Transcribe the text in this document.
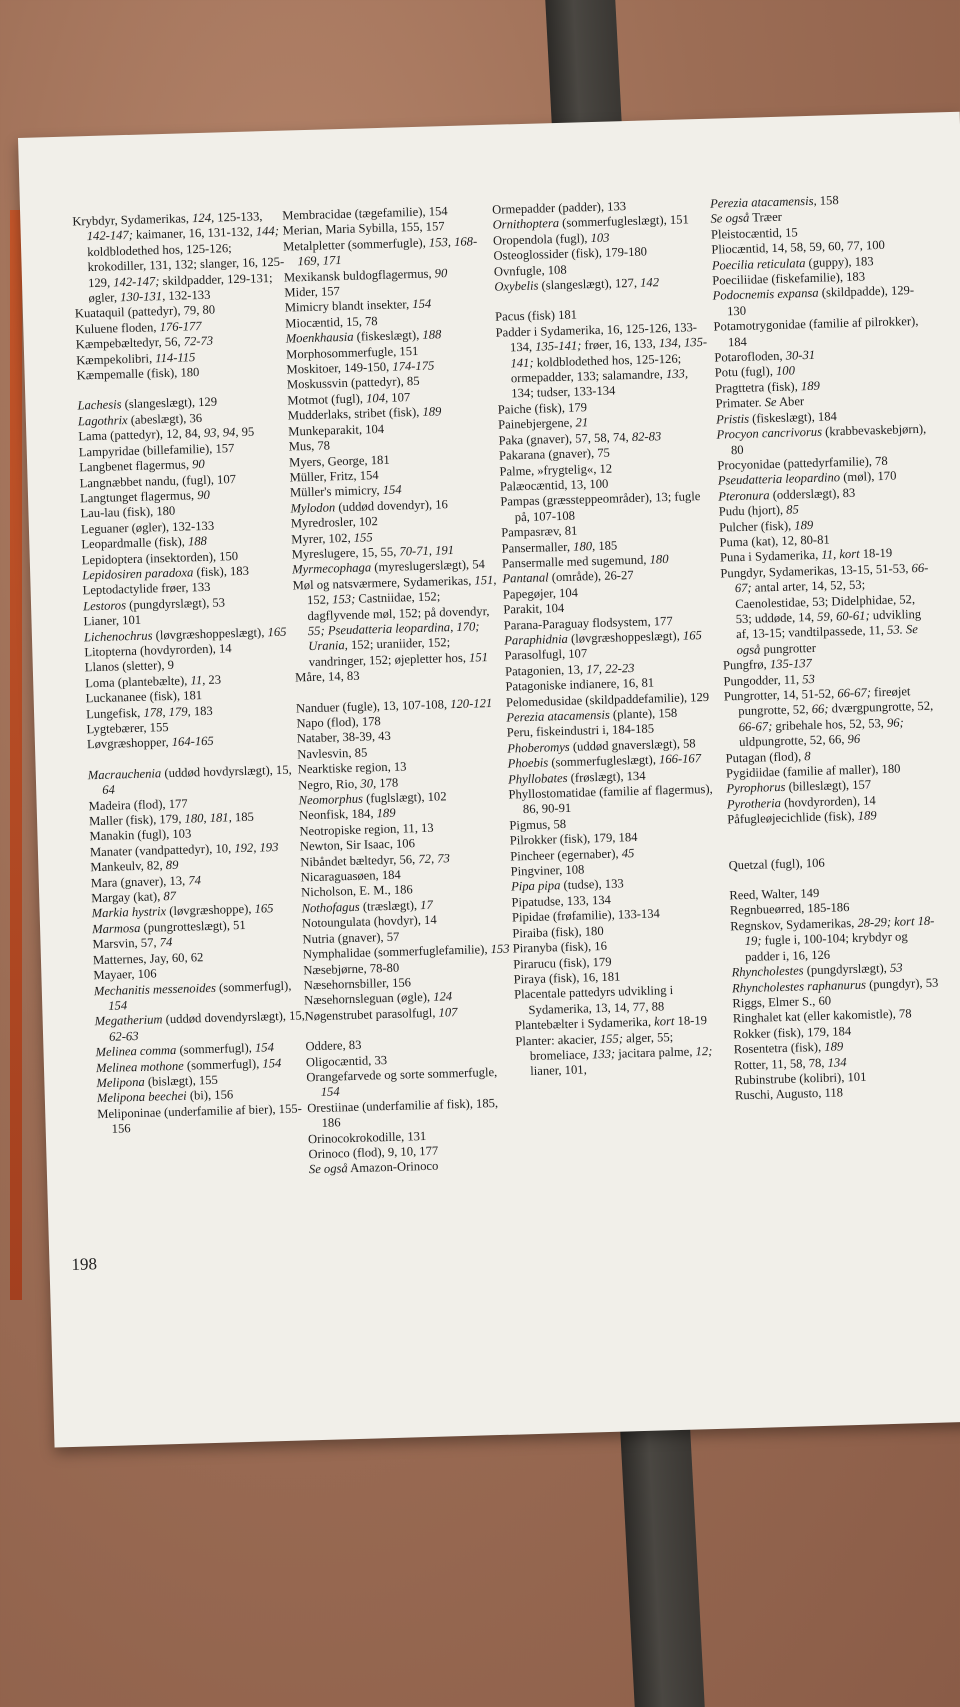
Krybdyr, Sydamerikas, 124, 125-133, 142-147; kaimaner, 16, 131-132, 144; koldblodethed hos, 125-126; krokodiller, 131, 132; slanger, 16, 125-129, 142-147; skildpadder, 129-131; øgler, 130-131, 132-133

Kuataquil (pattedyr), 79, 80

Kuluene floden, 176-177

Kæmpebæltedyr, 56, 72-73

Kæmpekolibri, 114-115

Kæmpemalle (fisk), 180

Lachesis (slangeslægt), 129

Lagothrix (abeslægt), 36

Lama (pattedyr), 12, 84, 93, 94, 95

Lampyridae (billefamilie), 157

Langbenet flagermus, 90

Langnæbbet nandu, (fugl), 107

Langtunget flagermus, 90

Lau-lau (fisk), 180

Leguaner (øgler), 132-133

Leopardmalle (fisk), 188

Lepidoptera (insektorden), 150

Lepidosiren paradoxa (fisk), 183

Leptodactylide frøer, 133

Lestoros (pungdyrslægt), 53

Lianer, 101

Lichenochrus (løvgræshoppeslægt), 165

Litopterna (hovdyrorden), 14

Llanos (sletter), 9

Loma (plantebælte), 11, 23

Luckananee (fisk), 181

Lungefisk, 178, 179, 183

Lygtebærer, 155

Løvgræshopper, 164-165

Macrauchenia (uddød hovdyrslægt), 15, 64

Madeira (flod), 177

Maller (fisk), 179, 180, 181, 185

Manakin (fugl), 103

Manater (vandpattedyr), 10, 192, 193

Mankeulv, 82, 89

Mara (gnaver), 13, 74

Margay (kat), 87

Markia hystrix (løvgræshoppe), 165

Marmosa (pungrotteslægt), 51

Marsvin, 57, 74

Matternes, Jay, 60, 62

Mayaer, 106

Mechanitis messenoides (sommerfugl), 154

Megatherium (uddød dovendyrslægt), 15, 62-63

Melinea comma (sommerfugl), 154

Melinea mothone (sommerfugl), 154

Melipona (bislægt), 155

Melipona beechei (bi), 156

Meliponinae (underfamilie af bier), 155-156

Membracidae (tægefamilie), 154

Merian, Maria Sybilla, 155, 157

Metalpletter (sommerfugle), 153, 168-169, 171

Mexikansk buldogflagermus, 90

Mider, 157

Mimicry blandt insekter, 154

Miocæntid, 15, 78

Moenkhausia (fiskeslægt), 188

Morphosommerfugle, 151

Moskitoer, 149-150, 174-175

Moskussvin (pattedyr), 85

Motmot (fugl), 104, 107

Mudderlaks, stribet (fisk), 189

Munkeparakit, 104

Mus, 78

Myers, George, 181

Müller, Fritz, 154

Müller's mimicry, 154

Mylodon (uddød dovendyr), 16

Myredrosler, 102

Myrer, 102, 155

Myreslugere, 15, 55, 70-71, 191

Myrmecophaga (myreslugerslægt), 54

Møl og natsværmere, Sydamerikas, 151, 152, 153; Castniidae, 152; dagflyvende møl, 152; på dovendyr, 55; Pseudatteria leopardina, 170; Urania, 152; uraniider, 152; vandringer, 152; øjepletter hos, 151

Måre, 14, 83

Nanduer (fugle), 13, 107-108, 120-121

Napo (flod), 178

Nataber, 38-39, 43

Navlesvin, 85

Nearktiske region, 13

Negro, Rio, 30, 178

Neomorphus (fuglslægt), 102

Neonfisk, 184, 189

Neotropiske region, 11, 13

Newton, Sir Isaac, 106

Nibåndet bæltedyr, 56, 72, 73

Nicaraguasøen, 184

Nicholson, E. M., 186

Nothofagus (træslægt), 17

Notoungulata (hovdyr), 14

Nutria (gnaver), 57

Nymphalidae (sommerfuglefamilie), 153

Næsebjørne, 78-80

Næsehornsbiller, 156

Næsehornsleguan (øgle), 124

Nøgenstrubet parasolfugl, 107

Oddere, 83

Oligocæntid, 33

Orangefarvede og sorte sommerfugle, 154

Orestiinae (underfamilie af fisk), 185, 186

Orinocokrokodille, 131

Orinoco (flod), 9, 10, 177

Se også Amazon-Orinoco

Ormepadder (padder), 133

Ornithoptera (sommerfugleslægt), 151

Oropendola (fugl), 103

Osteoglossider (fisk), 179-180

Ovnfugle, 108

Oxybelis (slangeslægt), 127, 142

Pacus (fisk) 181

Padder i Sydamerika, 16, 125-126, 133-134, 135-141; frøer, 16, 133, 134, 135-141; koldblodethed hos, 125-126; ormepadder, 133; salamandre, 133, 134; tudser, 133-134

Paiche (fisk), 179

Painebjergene, 21

Paka (gnaver), 57, 58, 74, 82-83

Pakarana (gnaver), 75

Palme, »frygtelig«, 12

Palæocæntid, 13, 100

Pampas (græssteppeområder), 13; fugle på, 107-108

Pampasræv, 81

Pansermaller, 180, 185

Pansermalle med sugemund, 180

Pantanal (område), 26-27

Papegøjer, 104

Parakit, 104

Parana-Paraguay flodsystem, 177

Paraphidnia (løvgræshoppeslægt), 165

Parasolfugl, 107

Patagonien, 13, 17, 22-23

Patagoniske indianere, 16, 81

Pelomedusidae (skildpaddefamilie), 129

Perezia atacamensis (plante), 158

Peru, fiskeindustri i, 184-185

Phoberomys (uddød gnaverslægt), 58

Phoebis (sommerfugleslægt), 166-167

Phyllobates (frøslægt), 134

Phyllostomatidae (familie af flagermus), 86, 90-91

Pigmus, 58

Pilrokker (fisk), 179, 184

Pincheer (egernaber), 45

Pingviner, 108

Pipa pipa (tudse), 133

Pipatudse, 133, 134

Pipidae (frøfamilie), 133-134

Piraiba (fisk), 180

Piranyba (fisk), 16

Pirarucu (fisk), 179

Piraya (fisk), 16, 181

Placentale pattedyrs udvikling i Sydamerika, 13, 14, 77, 88

Plantebælter i Sydamerika, kort 18-19

Planter: akacier, 155; alger, 55; bromeliace, 133; jacitara palme, 12; lianer, 101,

Perezia atacamensis, 158

Se også Træer

Pleistocæntid, 15

Pliocæntid, 14, 58, 59, 60, 77, 100

Poecilia reticulata (guppy), 183

Poeciliidae (fiskefamilie), 183

Podocnemis expansa (skildpadde), 129-130

Potamotrygonidae (familie af pilrokker), 184

Potarofloden, 30-31

Potu (fugl), 100

Pragttetra (fisk), 189

Primater. Se Aber

Pristis (fiskeslægt), 184

Procyon cancrivorus (krabbevaskebjørn), 80

Procyonidae (pattedyrfamilie), 78

Pseudatteria leopardino (møl), 170

Pteronura (odderslægt), 83

Pudu (hjort), 85

Pulcher (fisk), 189

Puma (kat), 12, 80-81

Puna i Sydamerika, 11, kort 18-19

Pungdyr, Sydamerikas, 13-15, 51-53, 66-67; antal arter, 14, 52, 53; Caenolestidae, 53; Didelphidae, 52, 53; uddøde, 14, 59, 60-61; udvikling af, 13-15; vandtilpassede, 11, 53. Se også pungrotter

Pungfrø, 135-137

Pungodder, 11, 53

Pungrotter, 14, 51-52, 66-67; fireøjet pungrotte, 52, 66; dværgpungrotte, 52, 66-67; gribehale hos, 52, 53, 96; uldpungrotte, 52, 66, 96

Putagan (flod), 8

Pygidiidae (familie af maller), 180

Pyrophorus (billeslægt), 157

Pyrotheria (hovdyrorden), 14

Påfugleøjecichlide (fisk), 189

Quetzal (fugl), 106

Reed, Walter, 149

Regnbueørred, 185-186

Regnskov, Sydamerikas, 28-29; kort 18-19; fugle i, 100-104; krybdyr og padder i, 16, 126

Rhyncholestes (pungdyrslægt), 53

Rhyncholestes raphanurus (pungdyr), 53

Riggs, Elmer S., 60

Ringhalet kat (eller kakomistle), 78

Rokker (fisk), 179, 184

Rosentetra (fisk), 189

Rotter, 11, 58, 78, 134

Rubinstrube (kolibri), 101

Ruschi, Augusto, 118

198
